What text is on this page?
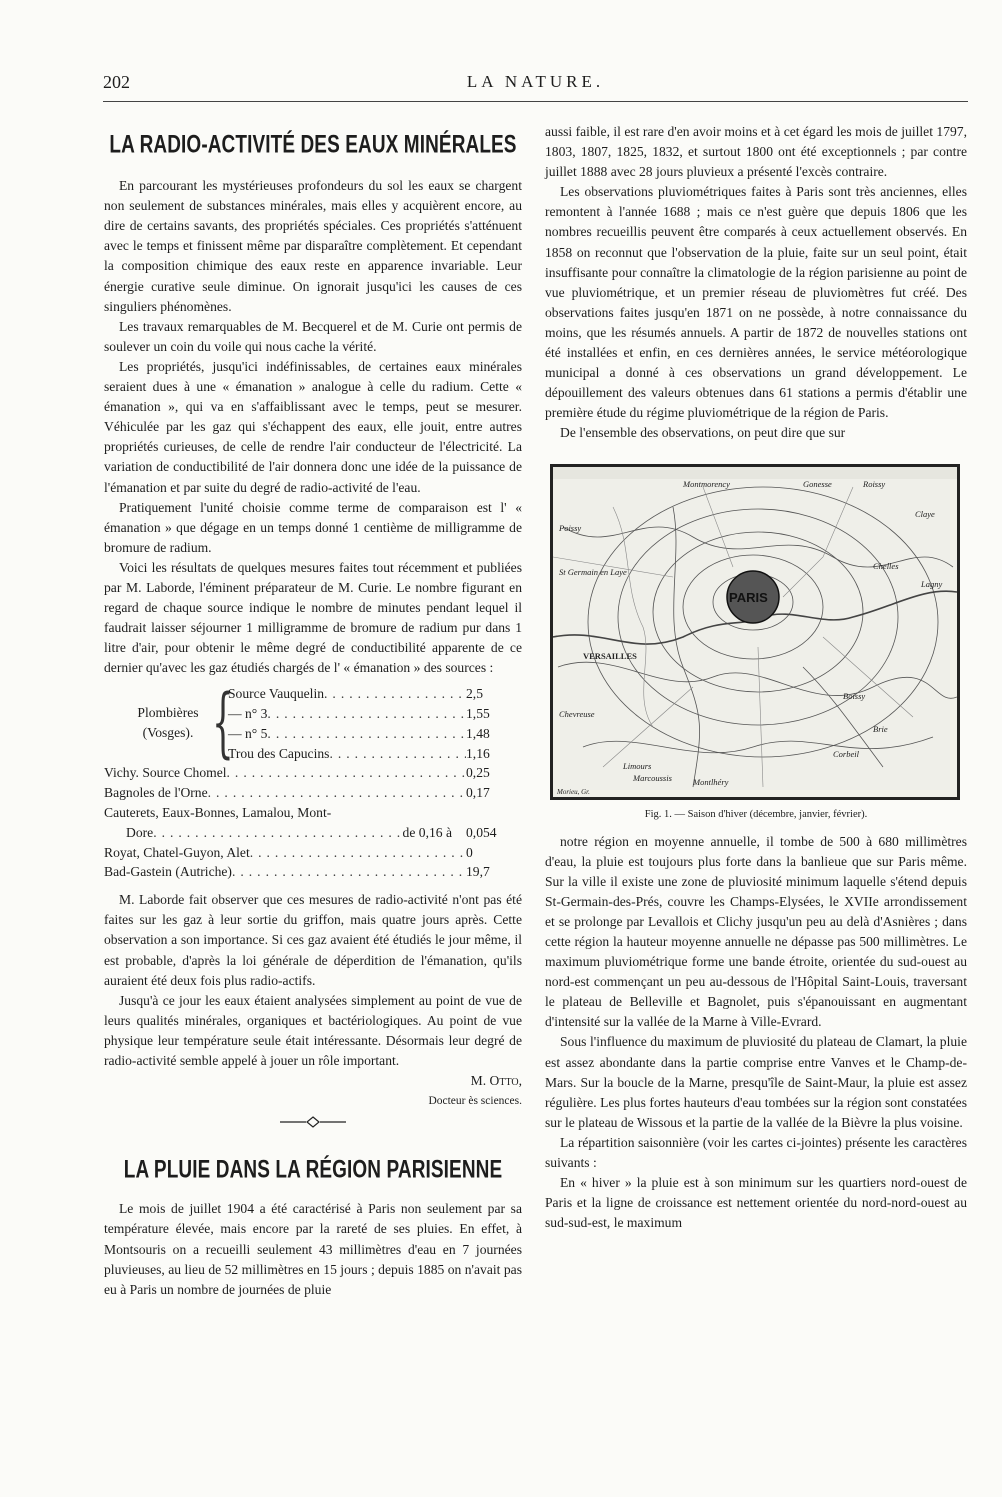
202	LA NATURE.
LA RADIO-ACTIVITÉ DES EAUX MINÉRALES

En parcourant les mystérieuses profondeurs du sol les eaux se chargent non seulement de substances minérales, mais elles y acquièrent encore, au dire de certains savants, des propriétés spéciales. Ces propriétés s'atténuent avec le temps et finissent même par disparaître complètement. Et cependant la composition chimique des eaux reste en apparence invariable. Leur énergie curative seule diminue. On ignorait jusqu'ici les causes de ces singuliers phénomènes.

Les travaux remarquables de M. Becquerel et de M. Curie ont permis de soulever un coin du voile qui nous cache la vérité.

Les propriétés, jusqu'ici indéfinissables, de certaines eaux minérales seraient dues à une « émanation » analogue à celle du radium. Cette « émanation », qui va en s'affaiblissant avec le temps, peut se mesurer. Véhiculée par les gaz qui s'échappent des eaux, elle jouit, entre autres propriétés curieuses, de celle de rendre l'air conducteur de l'électricité. La variation de conductibilité de l'air donnera donc une idée de la puissance de l'émanation et par suite du degré de radio-activité de l'eau.

Pratiquement l'unité choisie comme terme de comparaison est l' « émanation » que dégage en un temps donné 1 centième de milligramme de bromure de radium.

Voici les résultats de quelques mesures faites tout récemment et publiées par M. Laborde, l'éminent préparateur de M. Curie. Le nombre figurant en regard de chaque source indique le nombre de minutes pendant lequel il faudrait laisser séjourner 1 milligramme de bromure de radium pur dans 1 litre d'air, pour obtenir le même degré de conductibilité apparente de ce dernier qu'avec les gaz étudiés chargés de l' « émanation » des sources :

Plombières
(Vosges). {
Source Vauquelin .....	2,5
— n° 3 .....	1,55
— n° 5 .....	1,48
Trou des Capucins .....	1,16
Vichy. Source Chomel .....	0,25
Bagnoles de l'Orne .....	0,17
Cauterets, Eaux-Bonnes, Lamalou, Mont-
Dore .....	de 0,16 à	0,054
Royat, Chatel-Guyon, Alet .....	0
Bad-Gastein (Autriche) .....	19,7

M. Laborde fait observer que ces mesures de radio-activité n'ont pas été faites sur les gaz à leur sortie du griffon, mais quatre jours après. Cette observation a son importance. Si ces gaz avaient été étudiés le jour même, il est probable, d'après la loi générale de déperdition de l'émanation, qu'ils auraient été deux fois plus radio-actifs.

Jusqu'à ce jour les eaux étaient analysées simplement au point de vue de leurs qualités minérales, organiques et bactériologiques. Au point de vue physique leur température seule était intéressante. Désormais leur degré de radio-activité semble appelé à jouer un rôle important.

M. Otto,

Docteur ès sciences.

LA PLUIE DANS LA RÉGION PARISIENNE

Le mois de juillet 1904 a été caractérisé à Paris non seulement par sa température élevée, mais encore par la rareté de ses pluies. En effet, à Montsouris on a recueilli seulement 43 millimètres d'eau en 7 journées pluvieuses, au lieu de 52 millimètres en 15 jours ; depuis 1885 on n'avait pas eu à Paris un nombre de journées de pluie

aussi faible, il est rare d'en avoir moins et à cet égard les mois de juillet 1797, 1803, 1807, 1825, 1832, et surtout 1800 ont été exceptionnels ; par contre juillet 1888 avec 28 jours pluvieux a présenté l'excès contraire.

Les observations pluviométriques faites à Paris sont très anciennes, elles remontent à l'année 1688 ; mais ce n'est guère que depuis 1806 que les nombres recueillis peuvent être comparés à ceux actuellement observés. En 1858 on reconnut que l'observation de la pluie, faite sur un seul point, était insuffisante pour connaître la climatologie de la région parisienne au point de vue pluviométrique, et un premier réseau de pluviomètres fut créé. Des observations faites jusqu'en 1871 on ne possède, à notre connaissance du moins, que les résumés annuels. A partir de 1872 de nouvelles stations ont été installées et enfin, en ces dernières années, le service météorologique municipal a donné à ces observations un grand développement. Le dépouillement des valeurs obtenues dans 61 stations a permis d'établir une première étude du régime pluviométrique de la région de Paris.

De l'ensemble des observations, on peut dire que sur

PARIS
VERSAILLES
Poissy
St Germain en Laye
Montmorency	Gonesse	Roissy
Claye
Chelles
Lagny
Boissy
Brie
Chevreuse
Limours
Marcoussis Montlhéry
Corbeil
Morieu, Gr.
Fig. 1. — Saison d'hiver (décembre, janvier, février).

notre région en moyenne annuelle, il tombe de 500 à 680 millimètres d'eau, la pluie est toujours plus forte dans la banlieue que sur Paris même. Sur la ville il existe une zone de pluviosité minimum laquelle s'étend depuis St-Germain-des-Prés, couvre les Champs-Elysées, le XVIIe arrondissement et se prolonge par Levallois et Clichy jusqu'un peu au delà d'Asnières ; dans cette région la hauteur moyenne annuelle ne dépasse pas 500 millimètres. Le maximum pluviométrique forme une bande étroite, orientée du sud-ouest au nord-est commençant un peu au-dessous de l'Hôpital Saint-Louis, traversant le plateau de Belleville et Bagnolet, puis s'épanouissant en augmentant d'intensité sur la vallée de la Marne à Ville-Evrard.

Sous l'influence du maximum de pluviosité du plateau de Clamart, la pluie est assez abondante dans la partie comprise entre Vanves et le Champ-de-Mars. Sur la boucle de la Marne, presqu'île de Saint-Maur, la pluie est assez régulière. Les plus fortes hauteurs d'eau tombées sur la région sont constatées sur le plateau de Wissous et la partie de la vallée de la Bièvre la plus voisine.

La répartition saisonnière (voir les cartes ci-jointes) présente les caractères suivants :

En « hiver » la pluie est à son minimum sur les quartiers nord-ouest de Paris et la ligne de croissance est nettement orientée du nord-nord-ouest au sud-sud-est, le maximum
